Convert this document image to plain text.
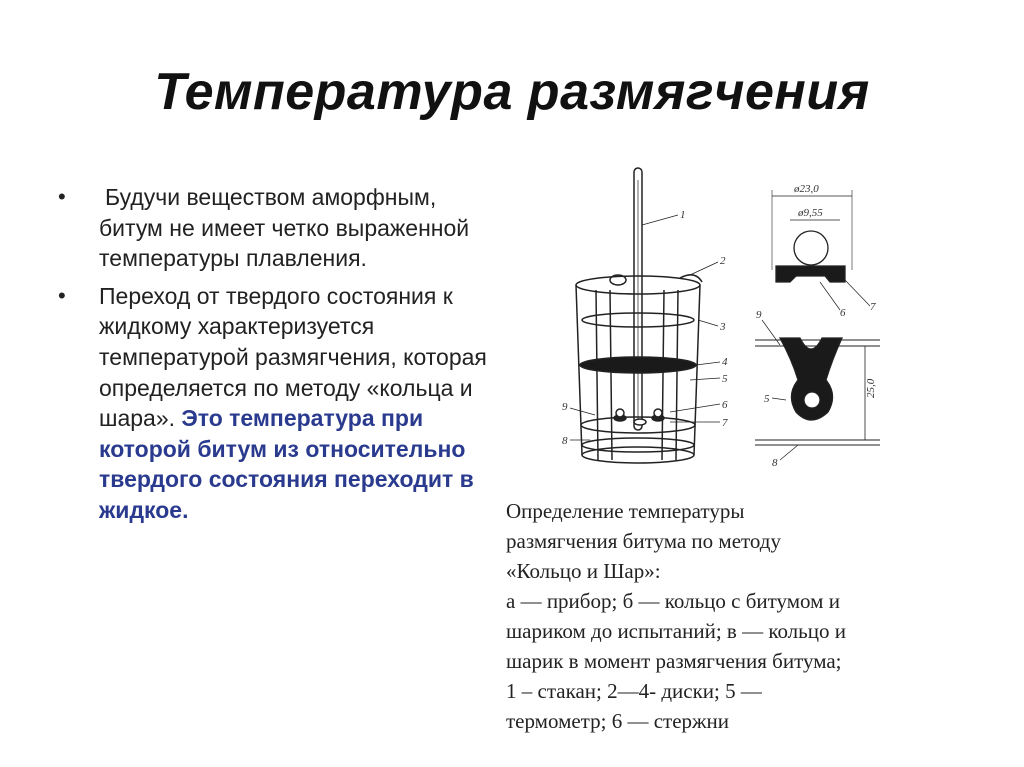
Температура размягчения
• Будучи веществом аморфным, битум не имеет четко выраженной температуры плавления.
• Переход от твердого состояния к жидкому характеризуется температурой размягчения, которая определяется по методу «кольца и шара». Это температура при которой битум из относительно твердого состояния переходит в жидкое.
1
2
3
4
5
6
7
9
8
ø23,0
ø9,55
25,0
9	6 7
5
8
Определение температуры
размягчения битума по методу
«Кольцо и Шар»:
а — прибор; б — кольцо с битумом и
шариком до испытаний; в — кольцо и
шарик в момент размягчения битума;
1 – стакан; 2—4- диски; 5 —
термометр; 6 — стержни
